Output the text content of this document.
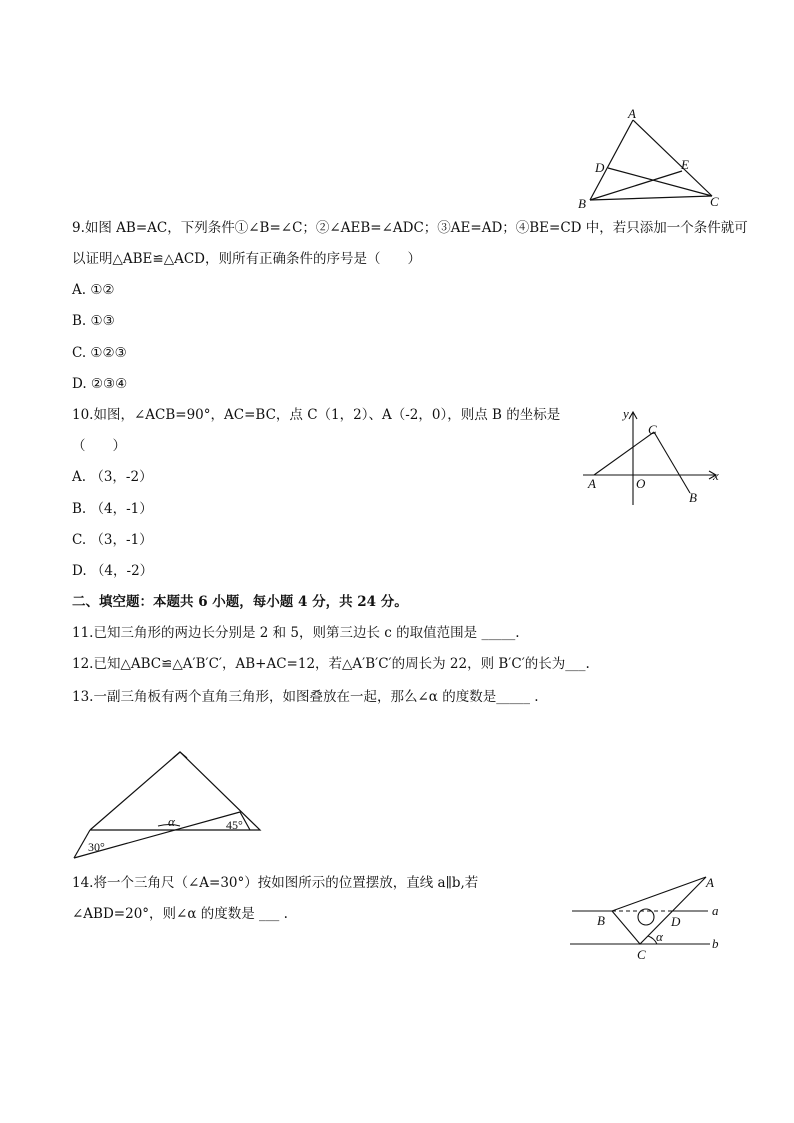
A
D	E
B	C
9.如图 AB=AC，下列条件①∠B=∠C；②∠AEB=∠ADC；③AE=AD；④BE=CD 中，若只添加一个条件就可
以证明△ABE≌△ACD，则所有正确条件的序号是（　　）
A. ①②
B. ①③
C. ①②③
D. ②③④
y
x
O
A
C
B
10.如图，∠ACB=90°，AC=BC，点 C（1，2）、A（-2，0），则点 B 的坐标是
（　　）
A. （3，-2）
B. （4，-1）
C. （3，-1）
D. （4，-2）
二、填空题：本题共 6 小题，每小题 4 分，共 24 分。
11.已知三角形的两边长分别是 2 和 5，则第三边长 c 的取值范围是 _____.
12.已知△ABC≌△A′B′C′，AB+AC=12，若△A′B′C′的周长为 22，则 B′C′的长为___.
13.一副三角板有两个直角三角形，如图叠放在一起，那么∠α 的度数是_____ .
α	45°
30°
14.将一个三角尺（∠A=30°）按如图所示的位置摆放，直线 a∥b,若
∠ABD=20°，则∠α 的度数是 ___ .
A
B	D
C
a
b
α
